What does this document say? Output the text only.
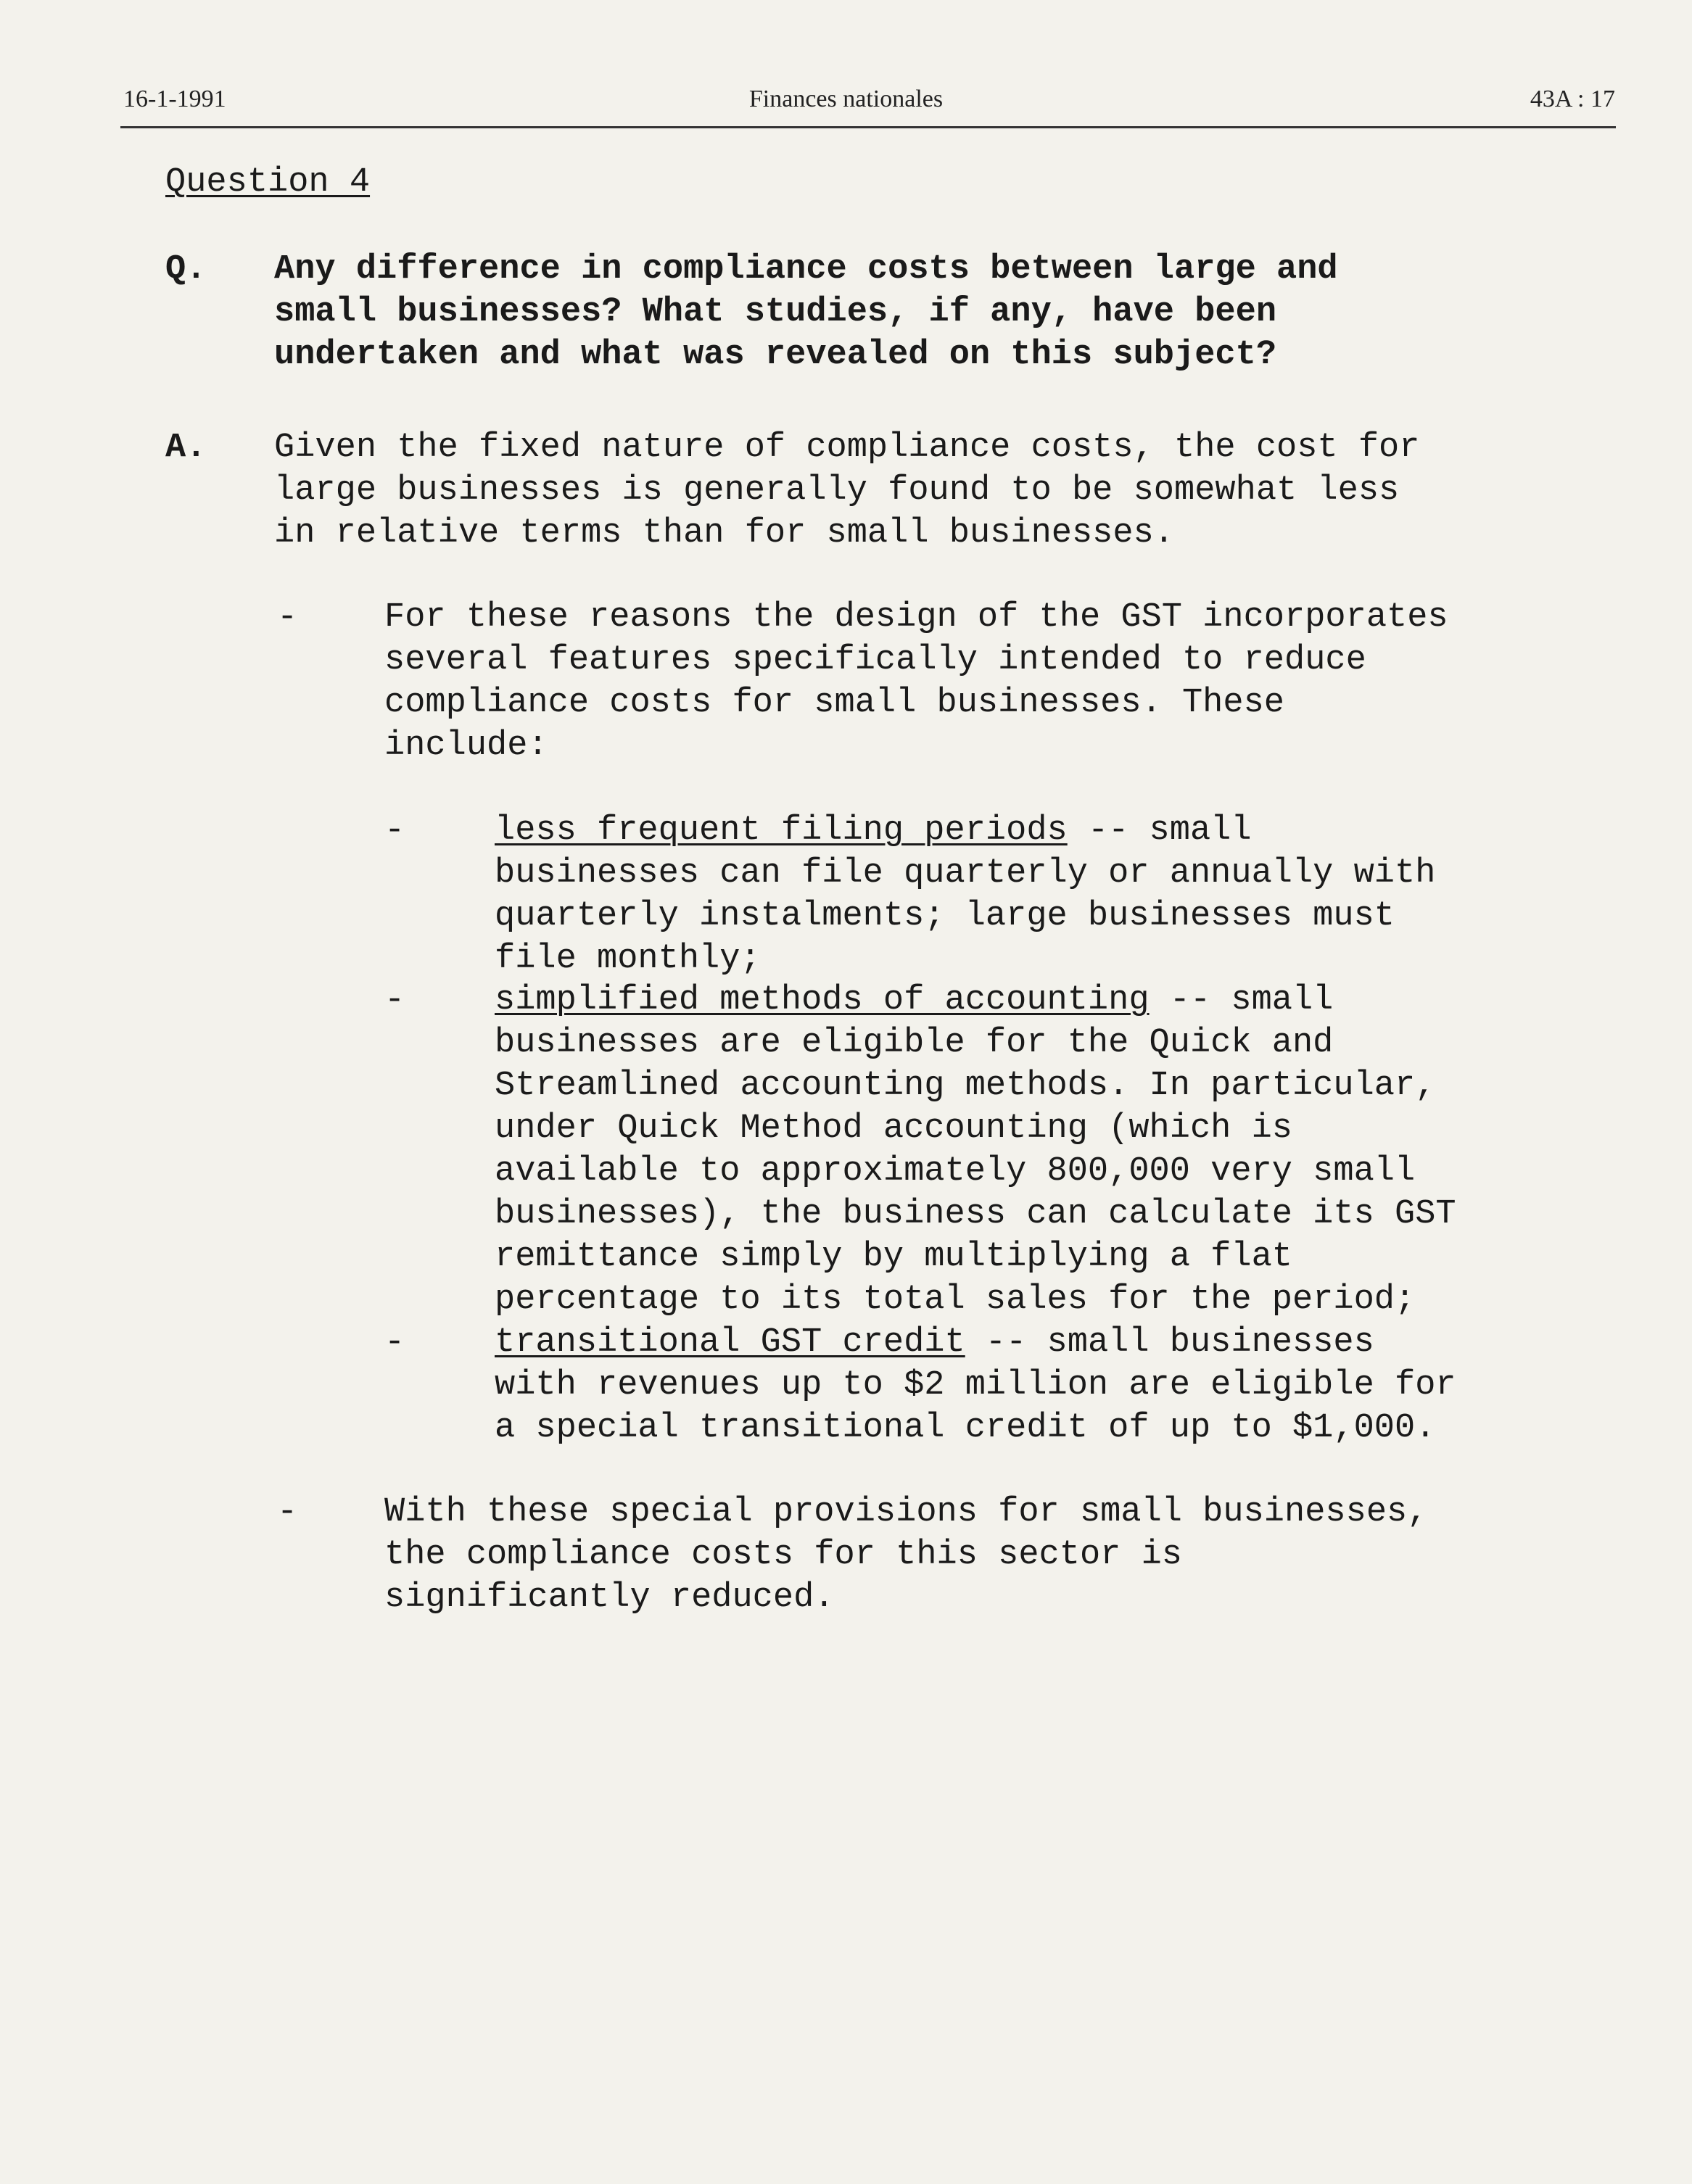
16-1-1991	Finances nationales	43A : 17
Question 4
Q. Any difference in compliance costs between large and
small businesses? What studies, if any, have been
undertaken and what was revealed on this subject?
A. Given the fixed nature of compliance costs, the cost for
large businesses is generally found to be somewhat less
in relative terms than for small businesses.
-	For these reasons the design of the GST incorporates
several features specifically intended to reduce
compliance costs for small businesses. These
include:
-	less frequent filing periods -- small
businesses can file quarterly or annually with
quarterly instalments; large businesses must
file monthly;
-	simplified methods of accounting -- small
businesses are eligible for the Quick and
Streamlined accounting methods. In particular,
under Quick Method accounting (which is
available to approximately 800,000 very small
businesses), the business can calculate its GST
remittance simply by multiplying a flat
percentage to its total sales for the period;
-	transitional GST credit -- small businesses
with revenues up to $2 million are eligible for
a special transitional credit of up to $1,000.
-	With these special provisions for small businesses,
the compliance costs for this sector is
significantly reduced.
